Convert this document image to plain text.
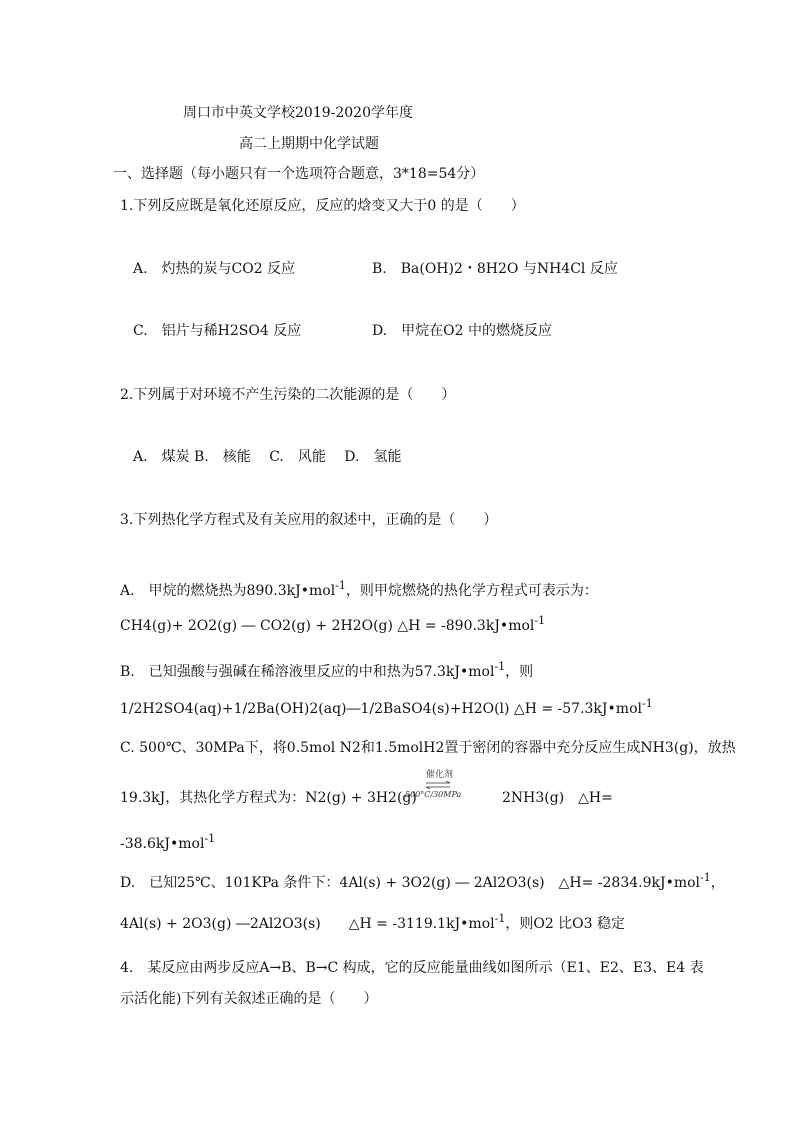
周口市中英文学校2019-2020学年度
高二上期期中化学试题
一、选择题（每小题只有一个选项符合题意，3*18=54分）
1.下列反应既是氧化还原反应，反应的焓变又大于0 的是（　　）
A.　灼热的炭与CO2 反应	B.　Ba(OH)2・8H2O 与NH4Cl 反应
C.　铝片与稀H2SO4 反应	D.　甲烷在O2 中的燃烧反应
2.下列属于对环境不产生污染的二次能源的是（　　）
A.　煤炭 B.　核能　 C.　风能　 D.　氢能
3.下列热化学方程式及有关应用的叙述中，正确的是（　　）
A.　甲烷的燃烧热为890.3kJ•mol$^{-1}$，则甲烷燃烧的热化学方程式可表示为：
CH4(g)+ 2O2(g) ― CO2(g) + 2H2O(g) △H = -890.3kJ•mol$^{-1}$
B.　已知强酸与强碱在稀溶液里反应的中和热为57.3kJ•mol$^{-1}$，则
1/2H2SO4(aq)+1/2Ba(OH)2(aq)―1/2BaSO4(s)+H2O(l) △H = -57.3kJ•mol$^{-1}$
C. 500℃、30MPa下，将0.5mol N2和1.5molH2置于密闭的容器中充分反应生成NH3(g)，放热
催化剂
500°C/30MPa
19.3kJ，其热化学方程式为：N2(g) + 3H2(g)	2NH3(g)　△H=
-38.6kJ•mol$^{-1}$
D.　已知25℃、101KPa 条件下：4Al(s) + 3O2(g) ― 2Al2O3(s)　△H= -2834.9kJ•mol$^{-1}$，
4Al(s) + 2O3(g) ―2Al2O3(s)　　△H = -3119.1kJ•mol$^{-1}$，则O2 比O3 稳定
4.　某反应由两步反应A→B、B→C 构成，它的反应能量曲线如图所示（E1、E2、E3、E4 表
示活化能)下列有关叙述正确的是（　　）
